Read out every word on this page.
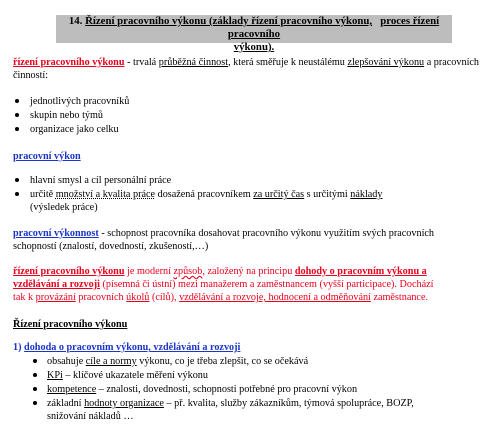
14. Řízení pracovního výkonu (základy řízení pracovního výkonu, proces řízení pracovního
výkonu).
řízení pracovního výkonu - trvalá průběžná činnost, která směřuje k neustálému zlepšování výkonu a pracovních činností:
jednotlivých pracovníků
skupin nebo týmů
organizace jako celku
pracovní výkon
hlavní smysl a cíl personální práce
určitě množství a kvalita práce dosažená pracovníkem za určitý čas s určitými náklady
(výsledek práce)
pracovní výkonnost - schopnost pracovníka dosahovat pracovního výkonu využitím svých pracovních
schopností (znalostí, dovedností, zkušeností,…)
řízení pracovního výkonu je moderní způsob, založený na principu dohody o pracovním výkonu a
vzdělávání a rozvoji (písemná či ústní) mezi manažerem a zaměstnancem (vyšší participace). Dochází
tak k provázání pracovních úkolů (cílů), vzdělávání a rozvoje, hodnocení a odměňování zaměstnance.
Řízení pracovního výkonu
1) dohoda o pracovním výkonu, vzdělávání a rozvoji
obsahuje cíle a normy výkonu, co je třeba zlepšit, co se očekává
KPi – klíčové ukazatele měření výkonu
kompetence – znalosti, dovednosti, schopnosti potřebné pro pracovní výkon
základní hodnoty organizace – př. kvalita, služby zákazníkům, týmová spolupráce, BOZP,
snižování nákladů …
